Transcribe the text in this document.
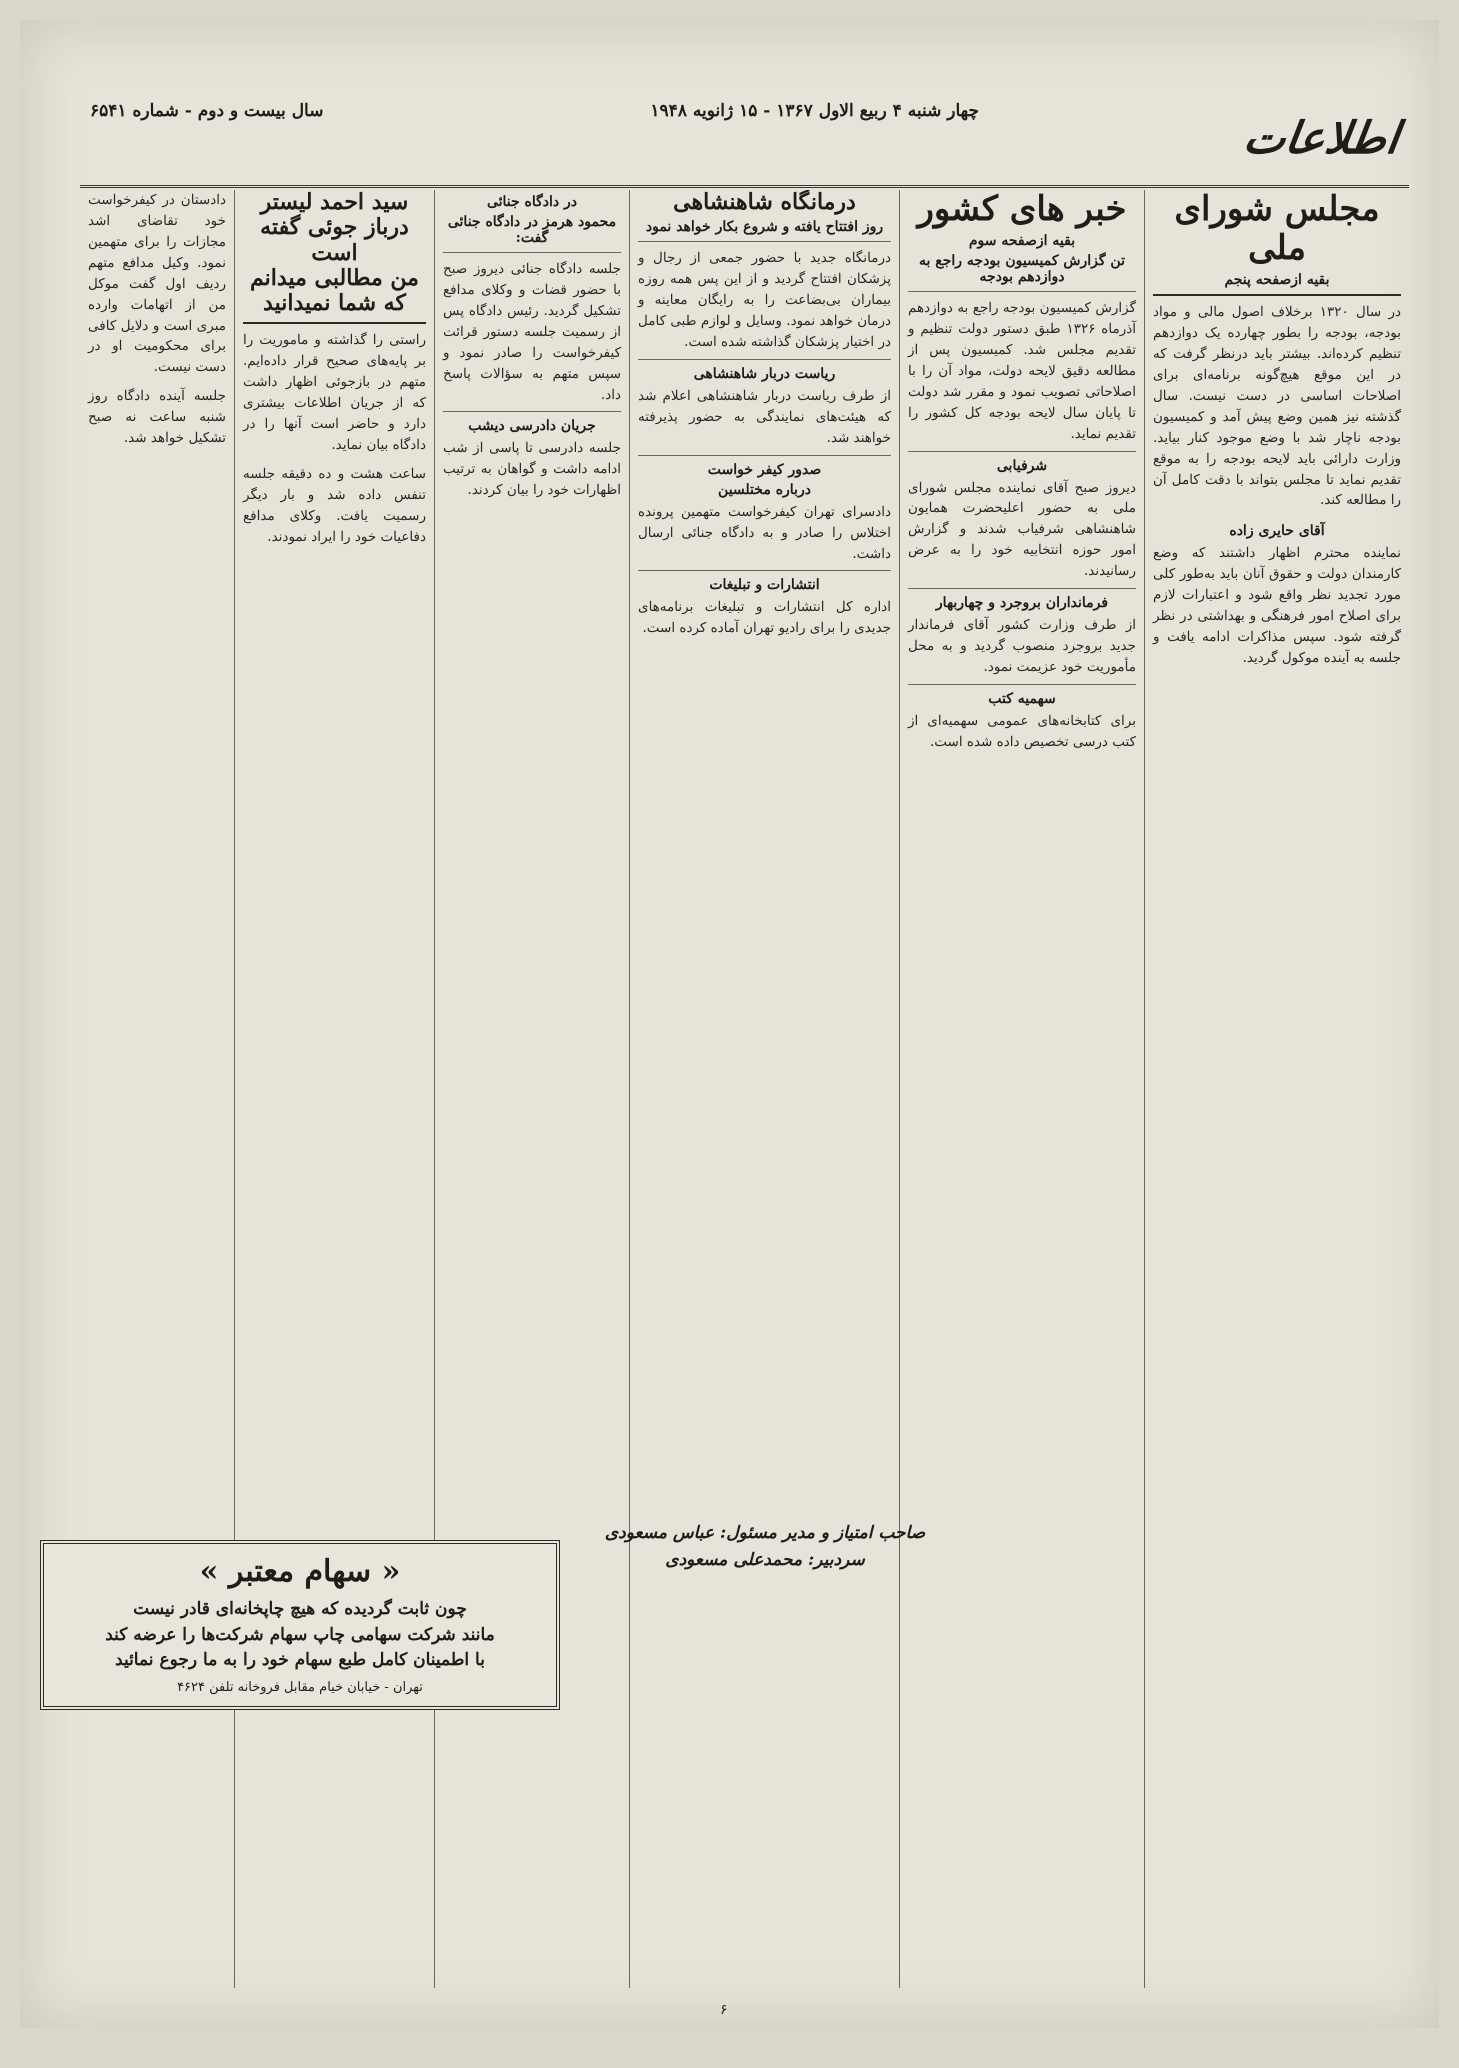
اطلاعات
چهار شنبه ۴ ربیع الاول ۱۳۶۷ - ۱۵ ژانویه ۱۹۴۸
سال بیست و دوم - شماره ۶۵۴۱
مجلس شورای ملی
بقیه ازصفحه پنجم
در سال ۱۳۲۰ برخلاف اصول مالی و مواد بودجه، بودجه را بطور چهارده یک دوازدهم تنظیم کرده‌اند. بیشتر باید درنظر گرفت که در این موقع هیچ‌گونه برنامه‌ای برای اصلاحات اساسی در دست نیست. سال گذشته نیز همین وضع پیش آمد و کمیسیون بودجه ناچار شد با وضع موجود کنار بیاید. وزارت دارائی باید لایحه بودجه را به موقع تقدیم نماید تا مجلس بتواند با دقت کامل آن را مطالعه کند.
آقای حایری زاده
نماینده محترم اظهار داشتند که وضع کارمندان دولت و حقوق آنان باید به‌طور کلی مورد تجدید نظر واقع شود و اعتبارات لازم برای اصلاح امور فرهنگی و بهداشتی در نظر گرفته شود. سپس مذاکرات ادامه یافت و جلسه به آینده موکول گردید.
خبر های کشور
بقیه ازصفحه سوم
تن گزارش کمیسیون بودجه راجع به دوازدهم بودجه
گزارش کمیسیون بودجه راجع به دوازدهم آذرماه ۱۳۲۶ طبق دستور دولت تنظیم و تقدیم مجلس شد. کمیسیون پس از مطالعه دقیق لایحه دولت، مواد آن را با اصلاحاتی تصویب نمود و مقرر شد دولت تا پایان سال لایحه بودجه کل کشور را تقدیم نماید.
شرفیابی
دیروز صبح آقای نماینده مجلس شورای ملی به حضور اعلیحضرت همایون شاهنشاهی شرفیاب شدند و گزارش امور حوزه انتخابیه خود را به عرض رسانیدند.
فرمانداران بروجرد و چهاربهار
از طرف وزارت کشور آقای فرماندار جدید بروجرد منصوب گردید و به محل مأموریت خود عزیمت نمود.
سهمیه کتب
برای کتابخانه‌های عمومی سهمیه‌ای از کتب درسی تخصیص داده شده است.
درمانگاه شاهنشاهی
روز افتتاح یافته و شروع بکار خواهد نمود
درمانگاه جدید با حضور جمعی از رجال و پزشکان افتتاح گردید و از این پس همه روزه بیماران بی‌بضاعت را به رایگان معاینه و درمان خواهد نمود. وسایل و لوازم طبی کامل در اختیار پزشکان گذاشته شده است.
ریاست دربار شاهنشاهی
از طرف ریاست دربار شاهنشاهی اعلام شد که هیئت‌های نمایندگی به حضور پذیرفته خواهند شد.
صدور کیفر خواست
درباره مختلسین
دادسرای تهران کیفرخواست متهمین پرونده اختلاس را صادر و به دادگاه جنائی ارسال داشت.
انتشارات و تبلیغات
اداره کل انتشارات و تبلیغات برنامه‌های جدیدی را برای رادیو تهران آماده کرده است.
در دادگاه جنائی
محمود هرمز در دادگاه جنائی گفت:
جلسه دادگاه جنائی دیروز صبح با حضور قضات و وکلای مدافع تشکیل گردید. رئیس دادگاه پس از رسمیت جلسه دستور قرائت کیفرخواست را صادر نمود و سپس متهم به سؤالات پاسخ داد.
جریان دادرسی دیشب
جلسه دادرسی تا پاسی از شب ادامه داشت و گواهان به ترتیب اظهارات خود را بیان کردند.
سید احمد لیستر درباز جوئی گفته است
من مطالبی میدانم که شما نمیدانید
راستی را گذاشته و ماموریت را بر پایه‌های صحیح قرار داده‌ایم. متهم در بازجوئی اظهار داشت که از جریان اطلاعات بیشتری دارد و حاضر است آنها را در دادگاه بیان نماید.
ساعت هشت و ده دقیقه جلسه تنفس داده شد و بار دیگر رسمیت یافت. وکلای مدافع دفاعیات خود را ایراد نمودند.
دادستان در کیفرخواست خود تقاضای اشد مجازات را برای متهمین نمود. وکیل مدافع متهم ردیف اول گفت موکل من از اتهامات وارده مبری است و دلایل کافی برای محکومیت او در دست نیست.
جلسه آینده دادگاه روز شنبه ساعت نه صبح تشکیل خواهد شد.
« سهام معتبر »
چون ثابت گردیده که هیچ چاپخانه‌ای قادر نیست
مانند شرکت سهامی چاپ سهام شرکت‌ها را عرضه کند
با اطمینان کامل طبع سهام خود را به ما رجوع نمائید
تهران - خیابان خیام مقابل فروخانه تلفن ۴۶۲۴
صاحب امتیاز و مدیر مسئول: عباس مسعودی
سردبیر: محمدعلی مسعودی
۶
